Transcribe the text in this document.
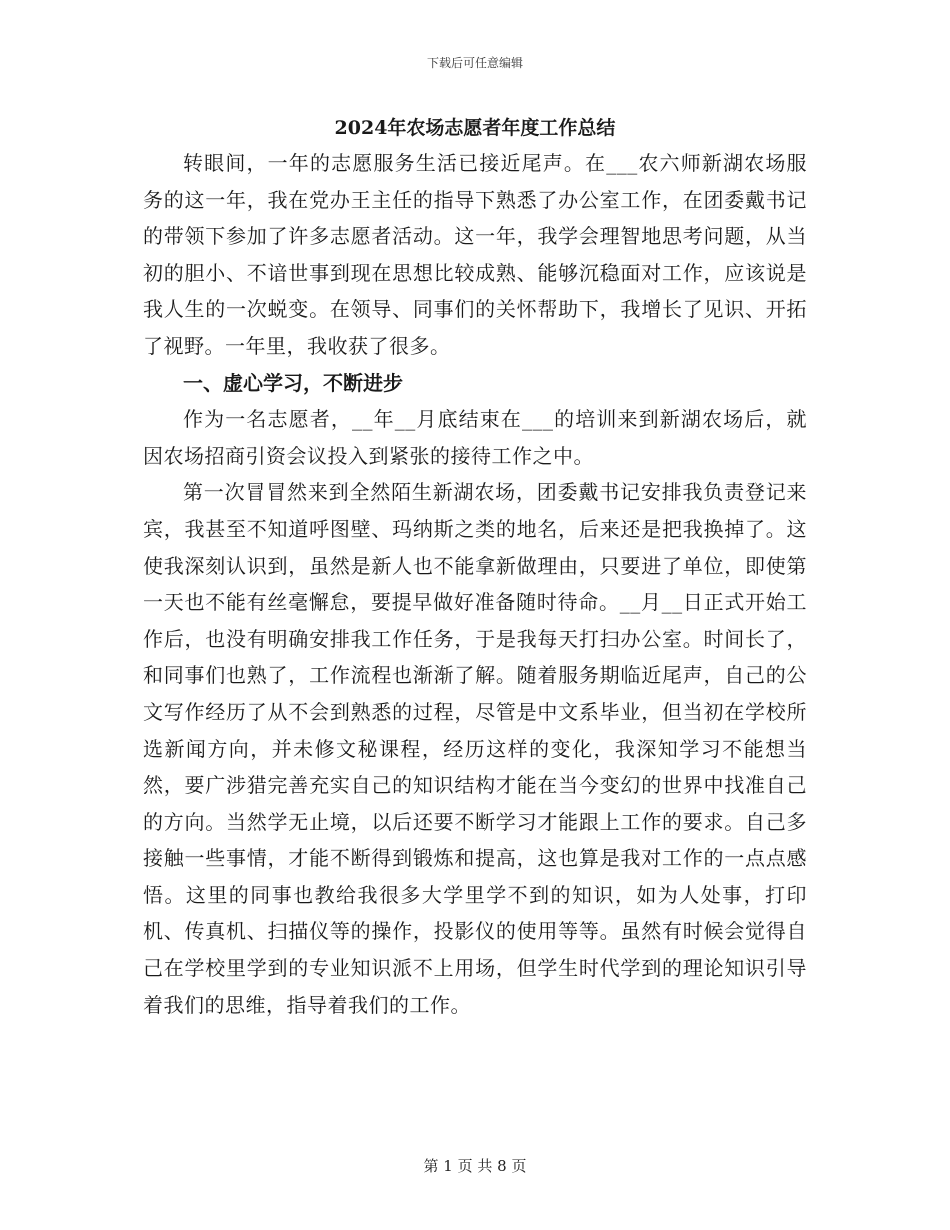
下载后可任意编辑
2024年农场志愿者年度工作总结

转眼间，一年的志愿服务生活已接近尾声。在___农六师新湖农场服务的这一年，我在党办王主任的指导下熟悉了办公室工作，在团委戴书记的带领下参加了许多志愿者活动。这一年，我学会理智地思考问题，从当初的胆小、不谙世事到现在思想比较成熟、能够沉稳面对工作，应该说是我人生的一次蜕变。在领导、同事们的关怀帮助下，我增长了见识、开拓了视野。一年里，我收获了很多。

一、虚心学习，不断进步

作为一名志愿者，__年__月底结束在___的培训来到新湖农场后，就因农场招商引资会议投入到紧张的接待工作之中。

第一次冒冒然来到全然陌生新湖农场，团委戴书记安排我负责登记来宾，我甚至不知道呼图壁、玛纳斯之类的地名，后来还是把我换掉了。这使我深刻认识到，虽然是新人也不能拿新做理由，只要进了单位，即使第一天也不能有丝毫懈怠，要提早做好准备随时待命。__月__日正式开始工作后，也没有明确安排我工作任务，于是我每天打扫办公室。时间长了，和同事们也熟了，工作流程也渐渐了解。随着服务期临近尾声，自己的公文写作经历了从不会到熟悉的过程，尽管是中文系毕业，但当初在学校所选新闻方向，并未修文秘课程，经历这样的变化，我深知学习不能想当然，要广涉猎完善充实自己的知识结构才能在当今变幻的世界中找准自己的方向。当然学无止境，以后还要不断学习才能跟上工作的要求。自己多接触一些事情，才能不断得到锻炼和提高，这也算是我对工作的一点点感悟。这里的同事也教给我很多大学里学不到的知识，如为人处事，打印机、传真机、扫描仪等的操作，投影仪的使用等等。虽然有时候会觉得自己在学校里学到的专业知识派不上用场，但学生时代学到的理论知识引导着我们的思维，指导着我们的工作。

第 1 页 共 8 页
